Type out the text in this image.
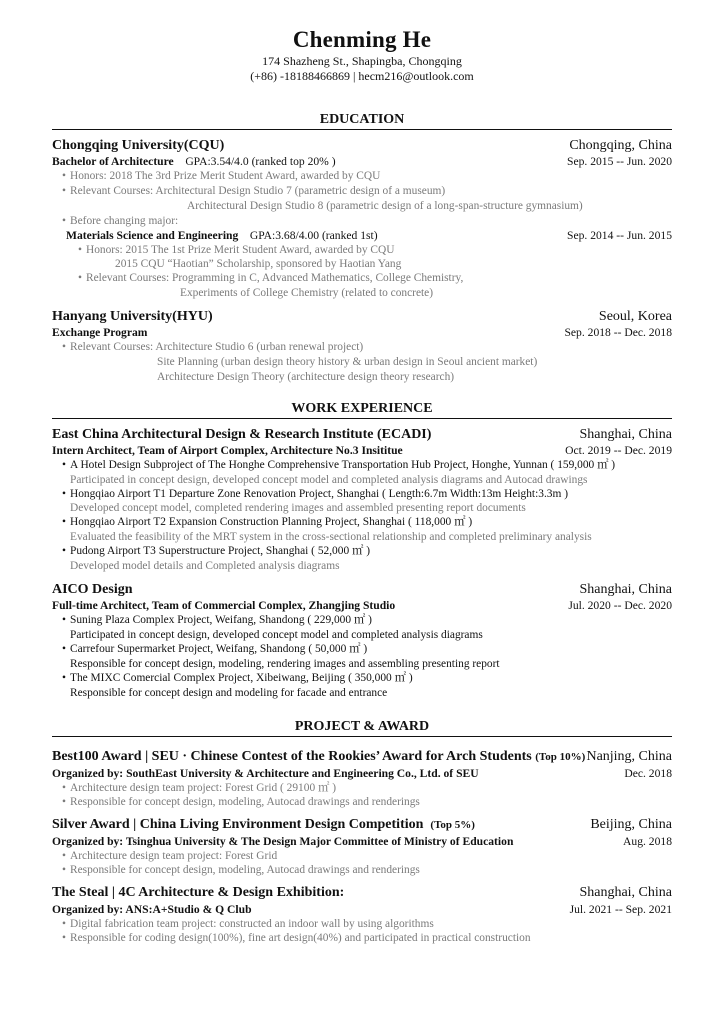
Chenming He
174 Shazheng St., Shapingba, Chongqing
(+86) -18188466869 | hecm216@outlook.com
EDUCATION
Chongqing University(CQU)	Chongqing, China
Bachelor of Architecture GPA:3.54/4.0 (ranked top 20% )	Sep. 2015 -- Jun. 2020
• Honors: 2018 The 3rd Prize Merit Student Award, awarded by CQU
• Relevant Courses: Architectural Design Studio 7 (parametric design of a museum)
Architectural Design Studio 8 (parametric design of a long-span-structure gymnasium)
• Before changing major:
Materials Science and Engineering GPA:3.68/4.00 (ranked 1st)	Sep. 2014 -- Jun. 2015
• Honors: 2015 The 1st Prize Merit Student Award, awarded by CQU
2015 CQU “Haotian” Scholarship, sponsored by Haotian Yang
• Relevant Courses: Programming in C, Advanced Mathematics, College Chemistry,
Experiments of College Chemistry (related to concrete)
Hanyang University(HYU)	Seoul, Korea
Exchange Program	Sep. 2018 -- Dec. 2018
• Relevant Courses: Architecture Studio 6 (urban renewal project)
Site Planning (urban design theory history & urban design in Seoul ancient market)
Architecture Design Theory (architecture design theory research)
WORK EXPERIENCE
East China Architectural Design & Research Institute (ECADI)	Shanghai, China
Intern Architect, Team of Airport Complex, Architecture No.3 Insititue	Oct. 2019 -- Dec. 2019
• A Hotel Design Subproject of The Honghe Comprehensive Transportation Hub Project, Honghe, Yunnan ( 159,000 ㎡ )
Participated in concept design, developed concept model and completed analysis diagrams and Autocad drawings
• Hongqiao Airport T1 Departure Zone Renovation Project, Shanghai ( Length:6.7m Width:13m Height:3.3m )
Developed concept model, completed rendering images and assembled presenting report documents
• Hongqiao Airport T2 Expansion Construction Planning Project, Shanghai ( 118,000 ㎡ )
Evaluated the feasibility of the MRT system in the cross-sectional relationship and completed preliminary analysis
• Pudong Airport T3 Superstructure Project, Shanghai ( 52,000 ㎡ )
Developed model details and Completed analysis diagrams
AICO Design	Shanghai, China
Full-time Architect, Team of Commercial Complex, Zhangjing Studio	Jul. 2020 -- Dec. 2020
• Suning Plaza Complex Project, Weifang, Shandong ( 229,000 ㎡ )
Participated in concept design, developed concept model and completed analysis diagrams
• Carrefour Supermarket Project, Weifang, Shandong ( 50,000 ㎡ )
Responsible for concept design, modeling, rendering images and assembling presenting report
• The MIXC Comercial Complex Project, Xibeiwang, Beijing ( 350,000 ㎡ )
Responsible for concept design and modeling for facade and entrance
PROJECT & AWARD
Best100 Award | SEU · Chinese Contest of the Rookies’ Award for Arch Students (Top 10%) Nanjing, China
Organized by: SouthEast University & Architecture and Engineering Co., Ltd. of SEU	Dec. 2018
• Architecture design team project: Forest Grid ( 29100 ㎡ )
• Responsible for concept design, modeling, Autocad drawings and renderings
Silver Award | China Living Environment Design Competition (Top 5%)	Beijing, China
Organized by: Tsinghua University & The Design Major Committee of Ministry of Education	Aug. 2018
• Architecture design team project: Forest Grid
• Responsible for concept design, modeling, Autocad drawings and renderings
The Steal | 4C Architecture & Design Exhibition:	Shanghai, China
Organized by: ANS:A+Studio & Q Club	Jul. 2021 -- Sep. 2021
• Digital fabrication team project: constructed an indoor wall by using algorithms
• Responsible for coding design(100%), fine art design(40%) and participated in practical construction
